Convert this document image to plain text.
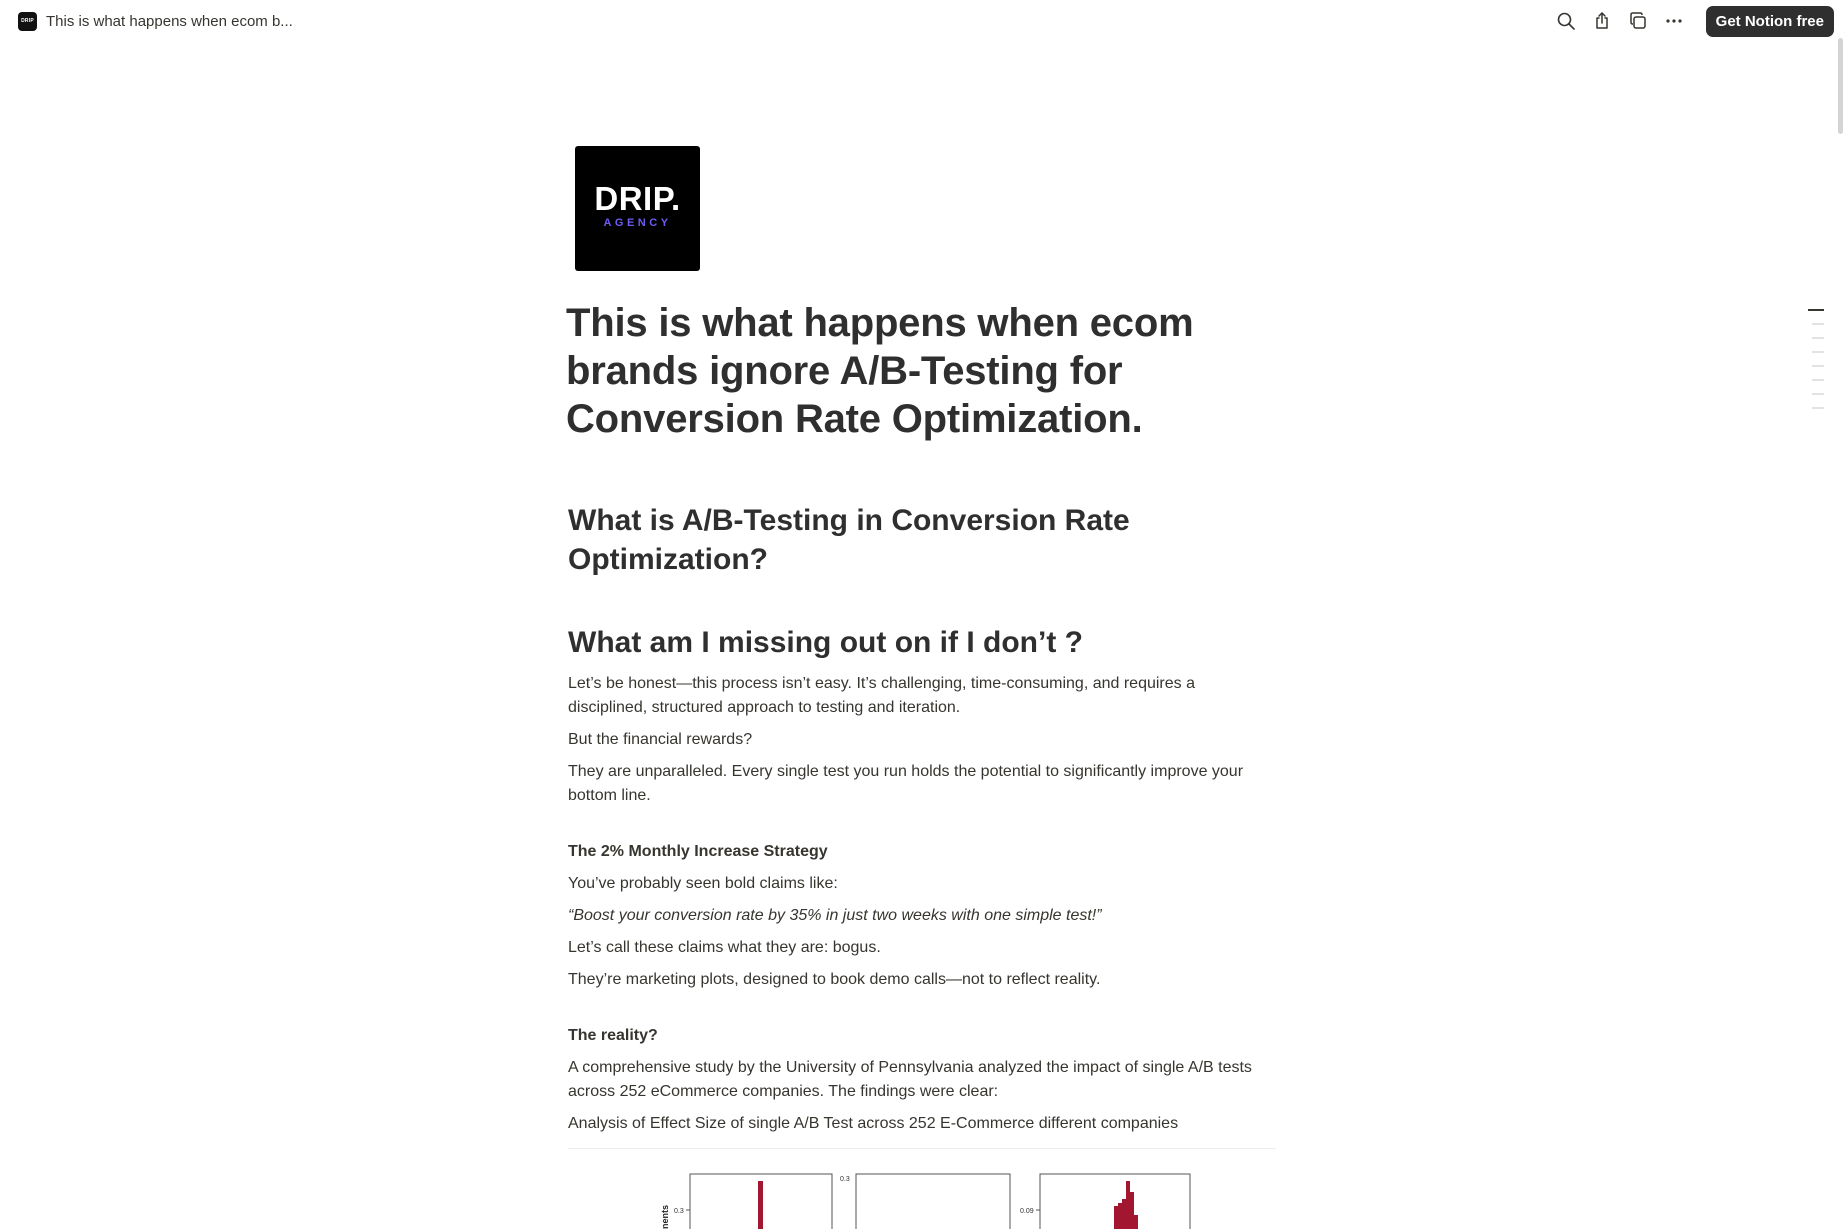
DRIP This is what happens when ecom b...	Get Notion free
DRIP.
AGENCY
This is what happens when ecom brands ignore A/B-Testing for Conversion Rate Optimization.
What is A/B-Testing in Conversion Rate Optimization?
What am I missing out on if I don’t ?

Let’s be honest—this process isn’t easy. It’s challenging, time-consuming, and requires a disciplined, structured approach to testing and iteration.

But the financial rewards?

They are unparalleled. Every single test you run holds the potential to significantly improve your bottom line.

The 2% Monthly Increase Strategy

You’ve probably seen bold claims like:

“Boost your conversion rate by 35% in just two weeks with one simple test!”

Let’s call these claims what they are: bogus.

They’re marketing plots, designed to book demo calls—not to reflect reality.

The reality?

A comprehensive study by the University of Pennsylvania analyzed the impact of single A/B tests across 252 eCommerce companies. The findings were clear:

Analysis of Effect Size of single A/B Test across 252 E-Commerce different companies

nents 0.3
0.3
0.09
